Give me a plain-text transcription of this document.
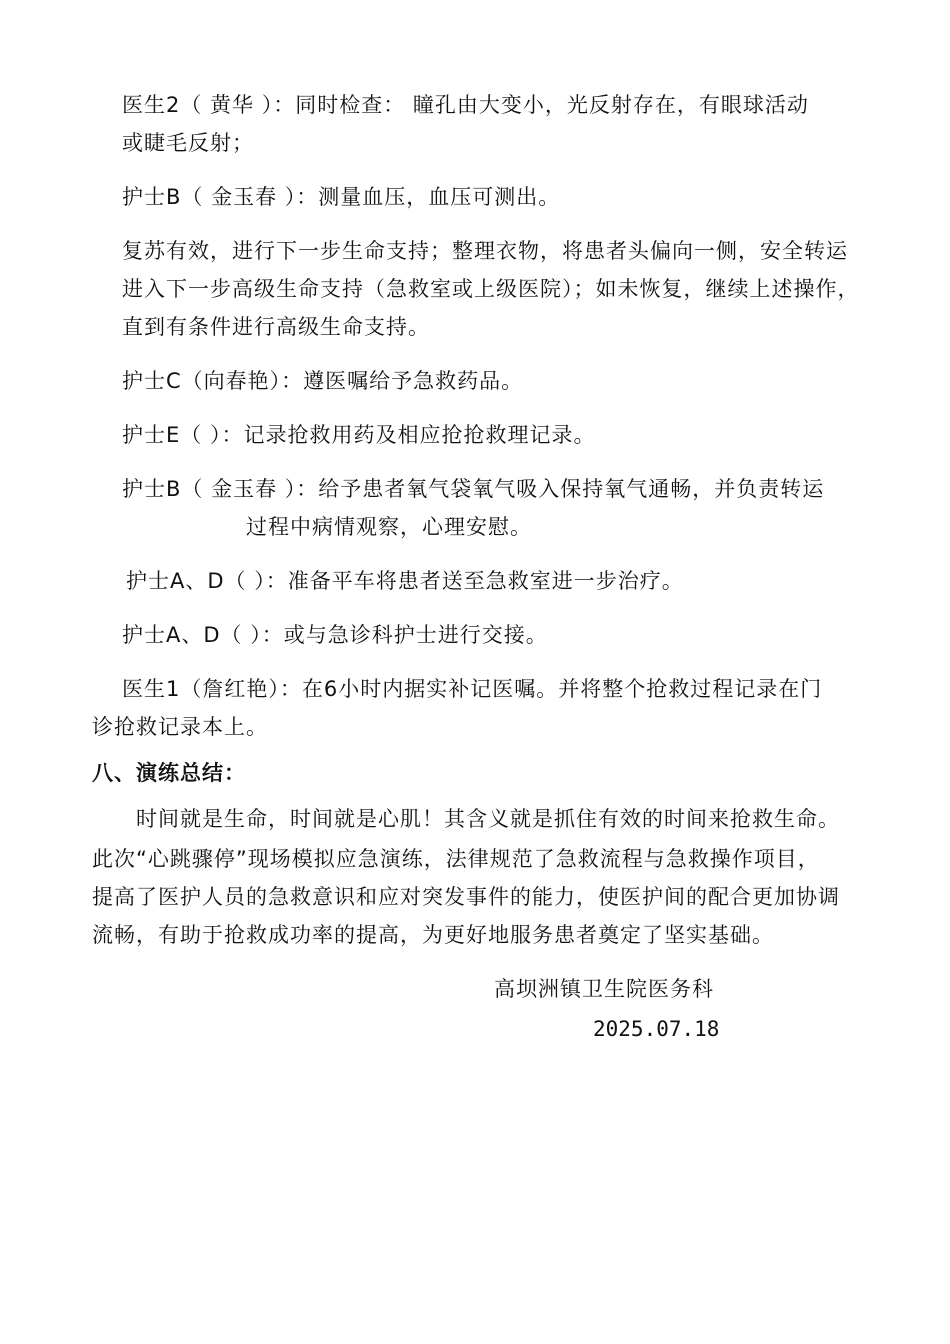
医生2（ 黄华 ）：同时检查： 瞳孔由大变小，光反射存在，有眼球活动
或睫毛反射；
护士B（ 金玉春 ）：测量血压，血压可测出。
复苏有效，进行下一步生命支持；整理衣物，将患者头偏向一侧，安全转运
进入下一步高级生命支持（急救室或上级医院）；如未恢复，继续上述操作，
直到有条件进行高级生命支持。
护士C（向春艳）：遵医嘱给予急救药品。
护士E（ ）：记录抢救用药及相应抢抢救理记录。
护士B（ 金玉春 ）：给予患者氧气袋氧气吸入保持氧气通畅，并负责转运
过程中病情观察，心理安慰。
护士A、D（ ）：准备平车将患者送至急救室进一步治疗。
护士A、D（ ）：或与急诊科护士进行交接。
医生1（詹红艳）：在6小时内据实补记医嘱。并将整个抢救过程记录在门
诊抢救记录本上。
八、演练总结：
时间就是生命，时间就是心肌！其含义就是抓住有效的时间来抢救生命。
此次“心跳骤停”现场模拟应急演练，法律规范了急救流程与急救操作项目，
提高了医护人员的急救意识和应对突发事件的能力，使医护间的配合更加协调
流畅，有助于抢救成功率的提高，为更好地服务患者奠定了坚实基础。
高坝洲镇卫生院医务科
2025.07.18
